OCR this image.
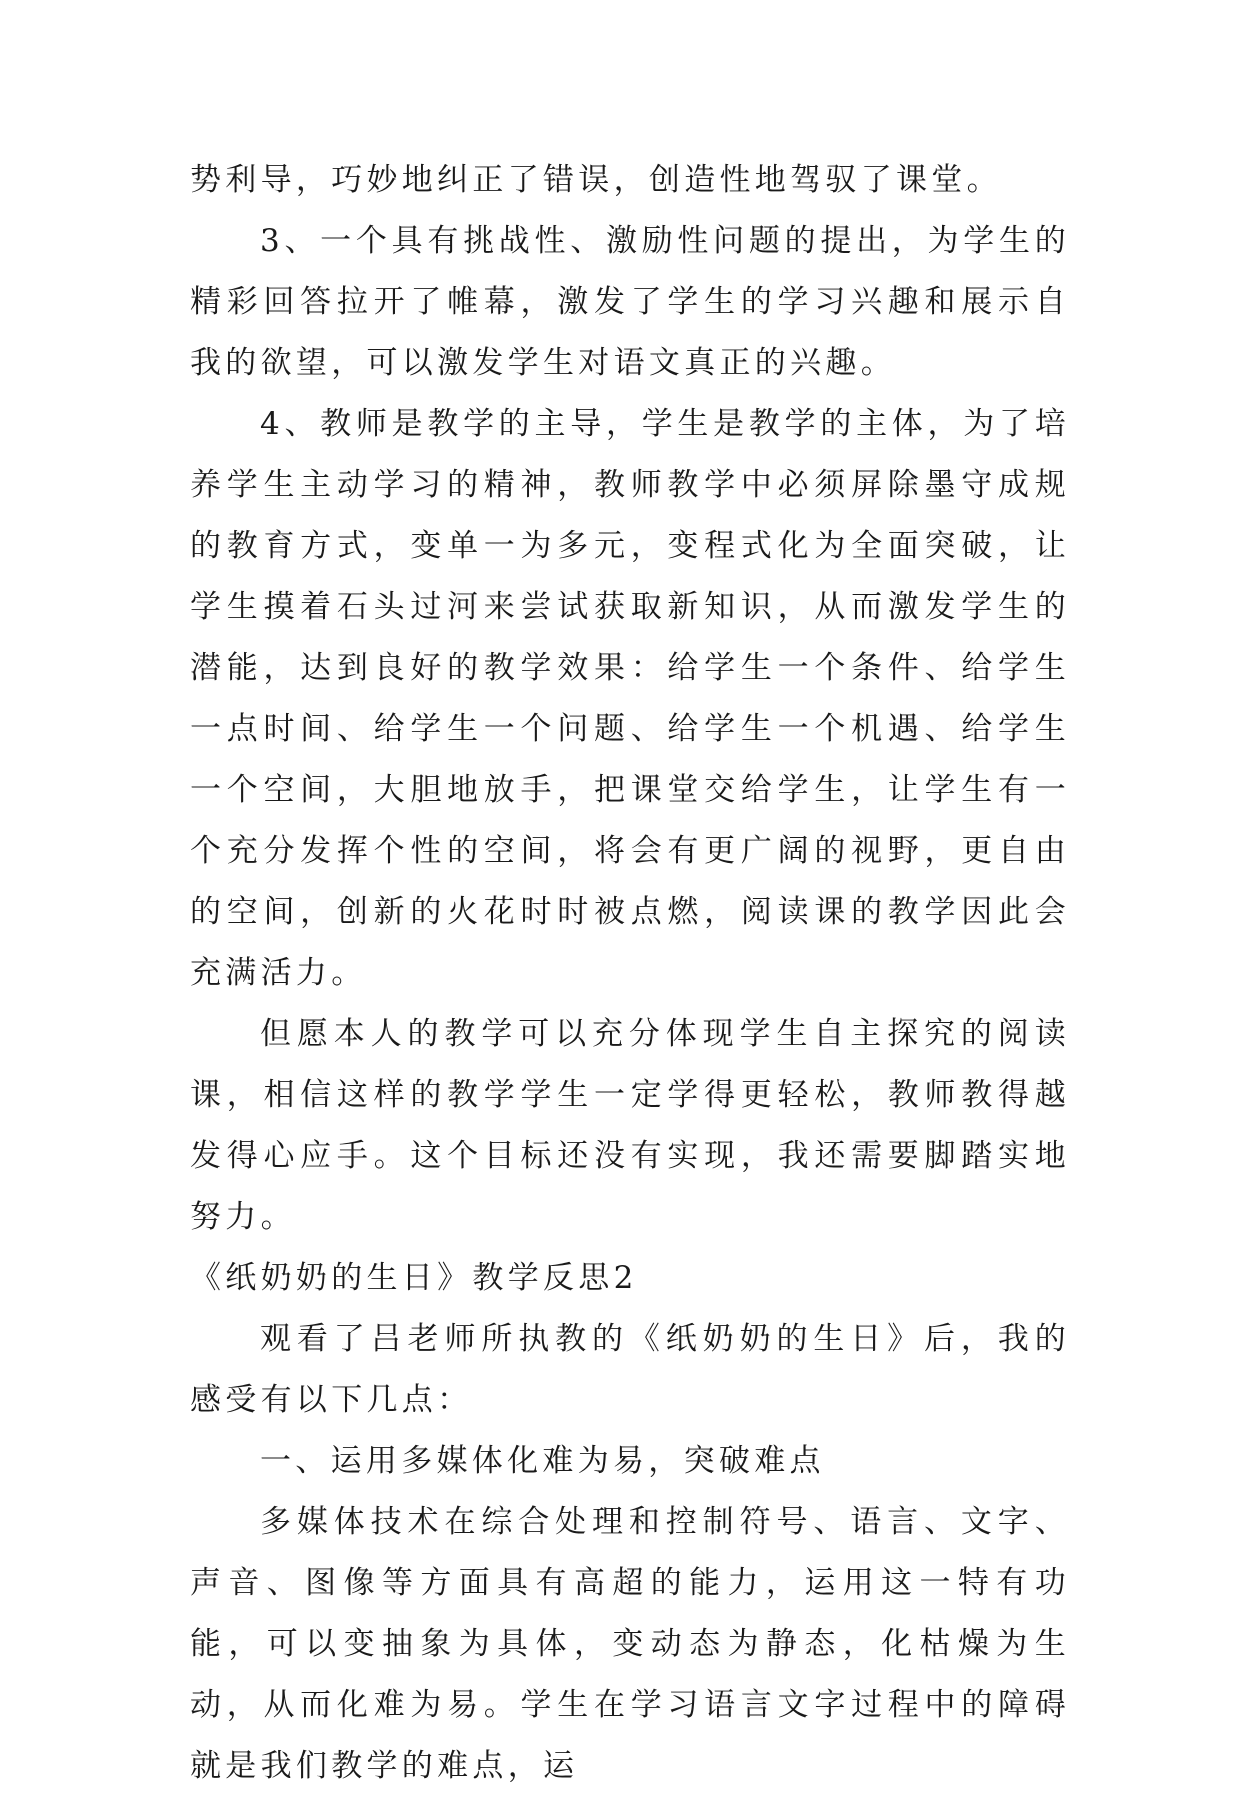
势利导，巧妙地纠正了错误，创造性地驾驭了课堂。

3、一个具有挑战性、激励性问题的提出，为学生的精彩回答拉开了帷幕，激发了学生的学习兴趣和展示自我的欲望，可以激发学生对语文真正的兴趣。

4、教师是教学的主导，学生是教学的主体，为了培养学生主动学习的精神，教师教学中必须屏除墨守成规的教育方式，变单一为多元，变程式化为全面突破，让学生摸着石头过河来尝试获取新知识，从而激发学生的潜能，达到良好的教学效果：给学生一个条件、给学生一点时间、给学生一个问题、给学生一个机遇、给学生一个空间，大胆地放手，把课堂交给学生，让学生有一个充分发挥个性的空间，将会有更广阔的视野，更自由的空间，创新的火花时时被点燃，阅读课的教学因此会充满活力。

但愿本人的教学可以充分体现学生自主探究的阅读课，相信这样的教学学生一定学得更轻松，教师教得越发得心应手。这个目标还没有实现，我还需要脚踏实地努力。

《纸奶奶的生日》教学反思2

观看了吕老师所执教的《纸奶奶的生日》后，我的感受有以下几点：

一、运用多媒体化难为易，突破难点

多媒体技术在综合处理和控制符号、语言、文字、声音、图像等方面具有高超的能力，运用这一特有功能，可以变抽象为具体，变动态为静态，化枯燥为生动，从而化难为易。学生在学习语言文字过程中的障碍就是我们教学的难点，运
